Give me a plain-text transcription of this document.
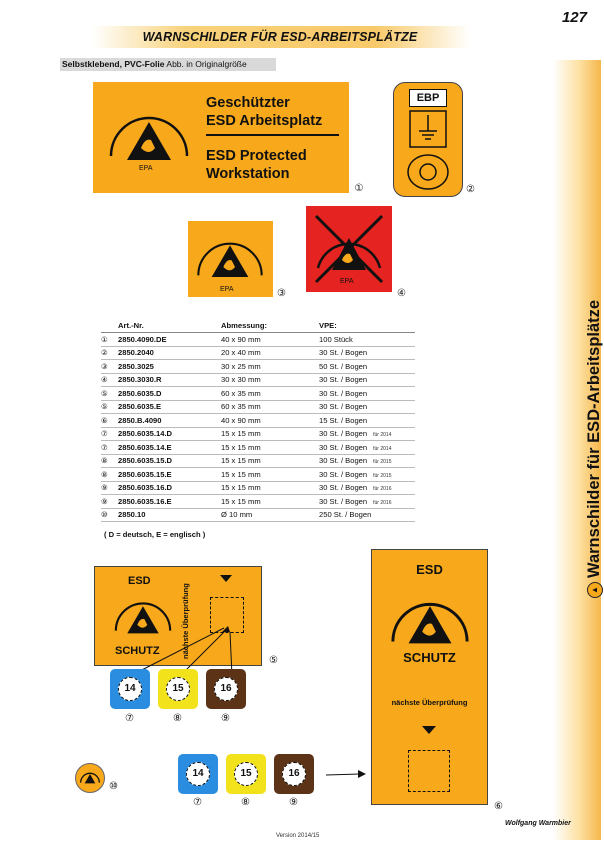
127
WARNSCHILDER FÜR ESD-ARBEITSPLÄTZE
Selbstklebend, PVC-Folie Abb. in Originalgröße
▲Warnschilder für ESD-Arbeitsplätze
EPA
Geschützter
ESD Arbeitsplatz
ESD Protected
Workstation
①
EBP
②
EPA	③
EPA
④
	Art.-Nr.	Abmessung:	VPE:
①	2850.4090.DE	40 x 90 mm	100 Stück
②	2850.2040	20 x 40 mm	30 St. / Bogen
③	2850.3025	30 x 25 mm	50 St. / Bogen
④	2850.3030.R	30 x 30 mm	30 St. / Bogen
⑤	2850.6035.D	60 x 35 mm	30 St. / Bogen
⑤	2850.6035.E	60 x 35 mm	30 St. / Bogen
⑥	2850.B.4090	40 x 90 mm	15 St. / Bogen
⑦	2850.6035.14.D	15 x 15 mm	30 St. / Bogen für 2014
⑦	2850.6035.14.E	15 x 15 mm	30 St. / Bogen für 2014
⑧	2850.6035.15.D	15 x 15 mm	30 St. / Bogen für 2015
⑧	2850.6035.15.E	15 x 15 mm	30 St. / Bogen für 2015
⑨	2850.6035.16.D	15 x 15 mm	30 St. / Bogen für 2016
⑨	2850.6035.16.E	15 x 15 mm	30 St. / Bogen für 2016
⑩	2850.10	Ø 10 mm	250 St. / Bogen
( D = deutsch, E = englisch )
ESD
SCHUTZ	nächste Überprüfung
⑤
14
⑦
15
⑧
16
⑨
ESD
SCHUTZ
nächste Überprüfung
⑥
⑩
14
⑦
15
⑧
16
⑨
Version 2014/15
Wolfgang Warmbier
